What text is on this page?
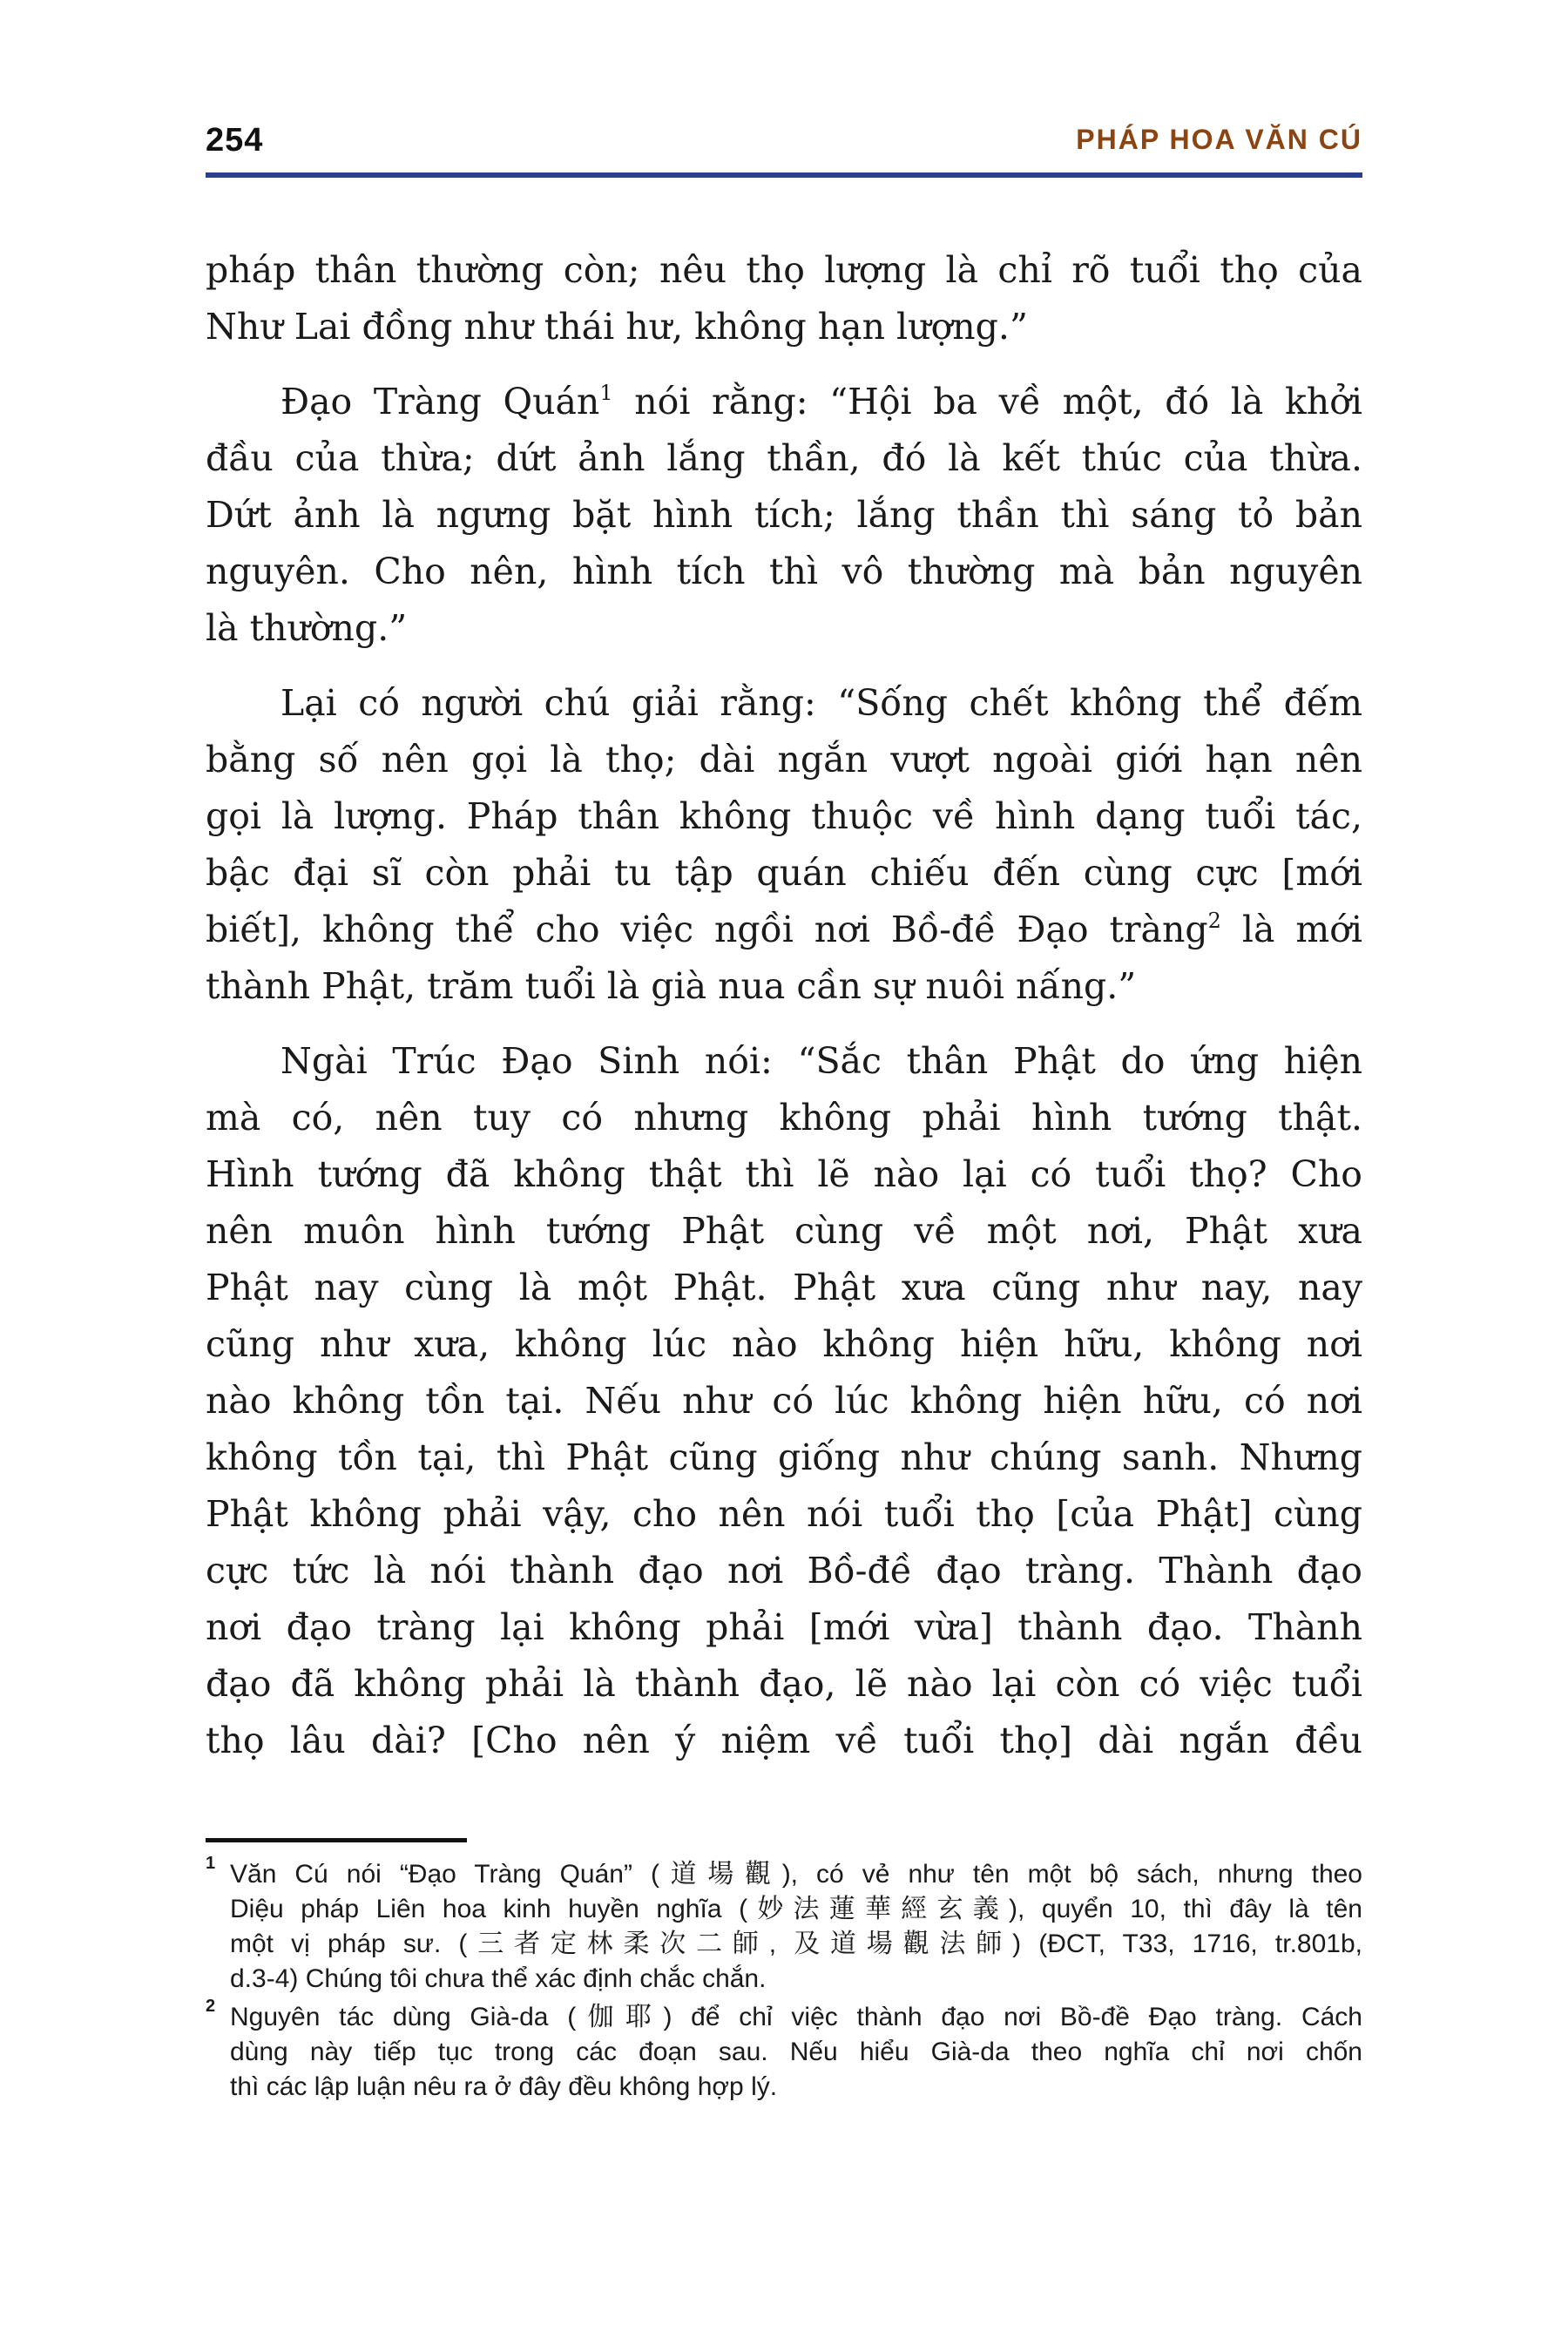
254	PHÁP HOA VĂN CÚ

pháp thân thường còn; nêu thọ lượng là chỉ rõ tuổi thọ của
Như Lai đồng như thái hư, không hạn lượng.”

Đạo Tràng Quán$^1$ nói rằng: “Hội ba về một, đó là khởi
đầu của thừa; dứt ảnh lắng thần, đó là kết thúc của thừa.
Dứt ảnh là ngưng bặt hình tích; lắng thần thì sáng tỏ bản
nguyên. Cho nên, hình tích thì vô thường mà bản nguyên
là thường.”

Lại có người chú giải rằng: “Sống chết không thể đếm
bằng số nên gọi là thọ; dài ngắn vượt ngoài giới hạn nên
gọi là lượng. Pháp thân không thuộc về hình dạng tuổi tác,
bậc đại sĩ còn phải tu tập quán chiếu đến cùng cực [mới
biết], không thể cho việc ngồi nơi Bồ-đề Đạo tràng$^2$ là mới
thành Phật, trăm tuổi là già nua cần sự nuôi nấng.”

Ngài Trúc Đạo Sinh nói: “Sắc thân Phật do ứng hiện
mà có, nên tuy có nhưng không phải hình tướng thật.
Hình tướng đã không thật thì lẽ nào lại có tuổi thọ? Cho
nên muôn hình tướng Phật cùng về một nơi, Phật xưa
Phật nay cùng là một Phật. Phật xưa cũng như nay, nay
cũng như xưa, không lúc nào không hiện hữu, không nơi
nào không tồn tại. Nếu như có lúc không hiện hữu, có nơi
không tồn tại, thì Phật cũng giống như chúng sanh. Nhưng
Phật không phải vậy, cho nên nói tuổi thọ [của Phật] cùng
cực tức là nói thành đạo nơi Bồ-đề đạo tràng. Thành đạo
nơi đạo tràng lại không phải [mới vừa] thành đạo. Thành
đạo đã không phải là thành đạo, lẽ nào lại còn có việc tuổi
thọ lâu dài? [Cho nên ý niệm về tuổi thọ] dài ngắn đều

1 Văn Cú nói “Đạo Tràng Quán” (道場觀), có vẻ như tên một bộ sách, nhưng theo
Diệu pháp Liên hoa kinh huyền nghĩa (妙法蓮華經玄義), quyển 10, thì đây là tên
một vị pháp sư. (三者定林柔次二師, 及道場觀法師) (ĐCT, T33, 1716, tr.801b,
d.3-4) Chúng tôi chưa thể xác định chắc chắn.
2 Nguyên tác dùng Già-da (伽耶) để chỉ việc thành đạo nơi Bồ-đề Đạo tràng. Cách
dùng này tiếp tục trong các đoạn sau. Nếu hiểu Già-da theo nghĩa chỉ nơi chốn
thì các lập luận nêu ra ở đây đều không hợp lý.
